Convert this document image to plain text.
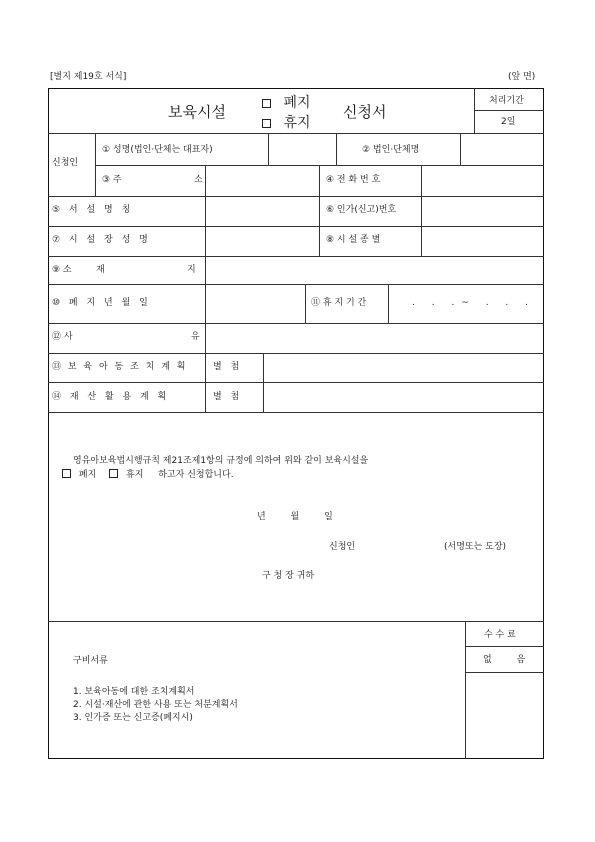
[별지 제19호 서식]	(앞 면)
보육시설	폐지
휴지
신청서
처리기간
2일
신청인
① 성명(법인·단체는 대표자)	② 법인·단체명
③ 주	소	④ 전 화 번 호
⑤ 서 설 명 칭	⑥ 인가(신고)번호
⑦ 시 설 장 성 명	⑧ 시 설 종 별
⑨ 소	재	지
⑩ 폐 지 년 월 일	⑪ 휴 지 기 간	. . .~ . . .
⑫ 사	유
⑬ 보 육 아 동 조 치 계 획	별 첨
⑭ 재 산 활 용 계 획	별 첨
영유아보육법시행규칙 제21조제1항의 규정에 의하여 위와 같이 보육시설을
폐지	휴지 하고자 신청합니다.
년 월 일
신청인	(서명또는 도장)
구 청 장 귀하
수 수 료
없 음
구비서류
1. 보육아동에 대한 조치계획서
2. 시설·재산에 관한 사용 또는 처분계획서
3. 인가증 또는 신고증(폐지시)
